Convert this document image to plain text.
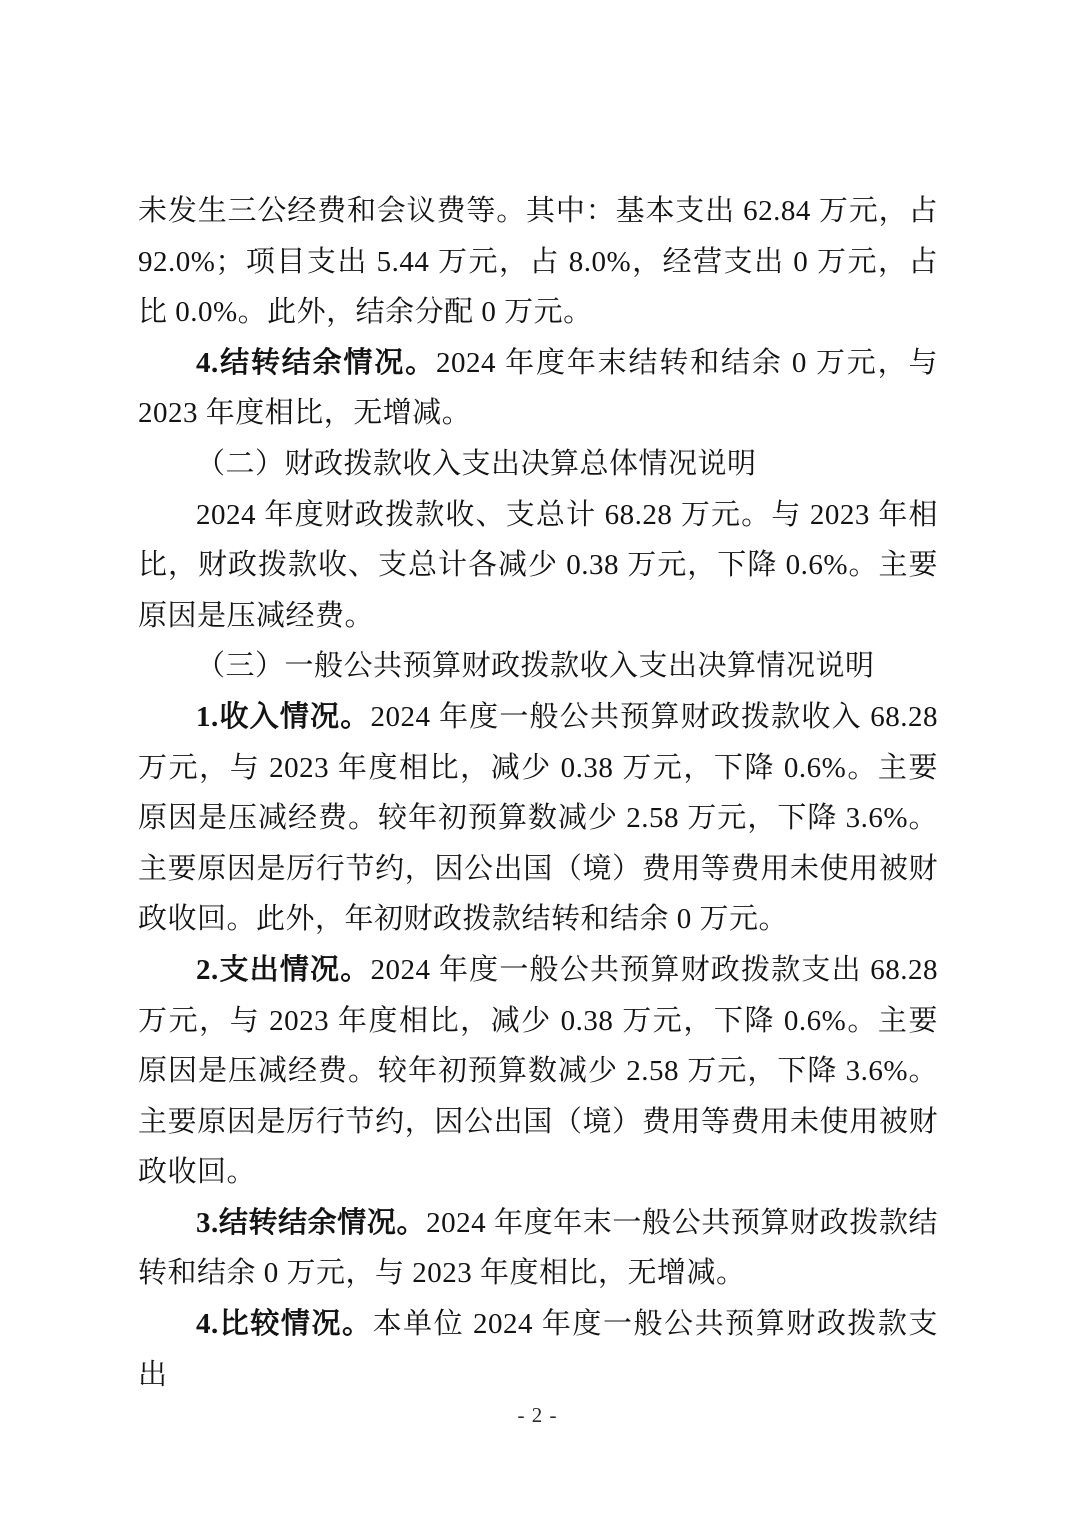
未发生三公经费和会议费等。其中：基本支出 62.84 万元，占 92.0%；项目支出 5.44 万元，占 8.0%，经营支出 0 万元，占比 0.0%。此外，结余分配 0 万元。

4.结转结余情况。2024 年度年末结转和结余 0 万元，与 2023 年度相比，无增减。

（二）财政拨款收入支出决算总体情况说明

2024 年度财政拨款收、支总计 68.28 万元。与 2023 年相比，财政拨款收、支总计各减少 0.38 万元，下降 0.6%。主要原因是压减经费。

（三）一般公共预算财政拨款收入支出决算情况说明

1.收入情况。2024 年度一般公共预算财政拨款收入 68.28 万元，与 2023 年度相比，减少 0.38 万元，下降 0.6%。主要原因是压减经费。较年初预算数减少 2.58 万元，下降 3.6%。主要原因是厉行节约，因公出国（境）费用等费用未使用被财政收回。此外，年初财政拨款结转和结余 0 万元。

2.支出情况。2024 年度一般公共预算财政拨款支出 68.28 万元，与 2023 年度相比，减少 0.38 万元，下降 0.6%。主要原因是压减经费。较年初预算数减少 2.58 万元，下降 3.6%。主要原因是厉行节约，因公出国（境）费用等费用未使用被财政收回。

3.结转结余情况。2024 年度年末一般公共预算财政拨款结转和结余 0 万元，与 2023 年度相比，无增减。

4.比较情况。本单位 2024 年度一般公共预算财政拨款支出

- 2 -
